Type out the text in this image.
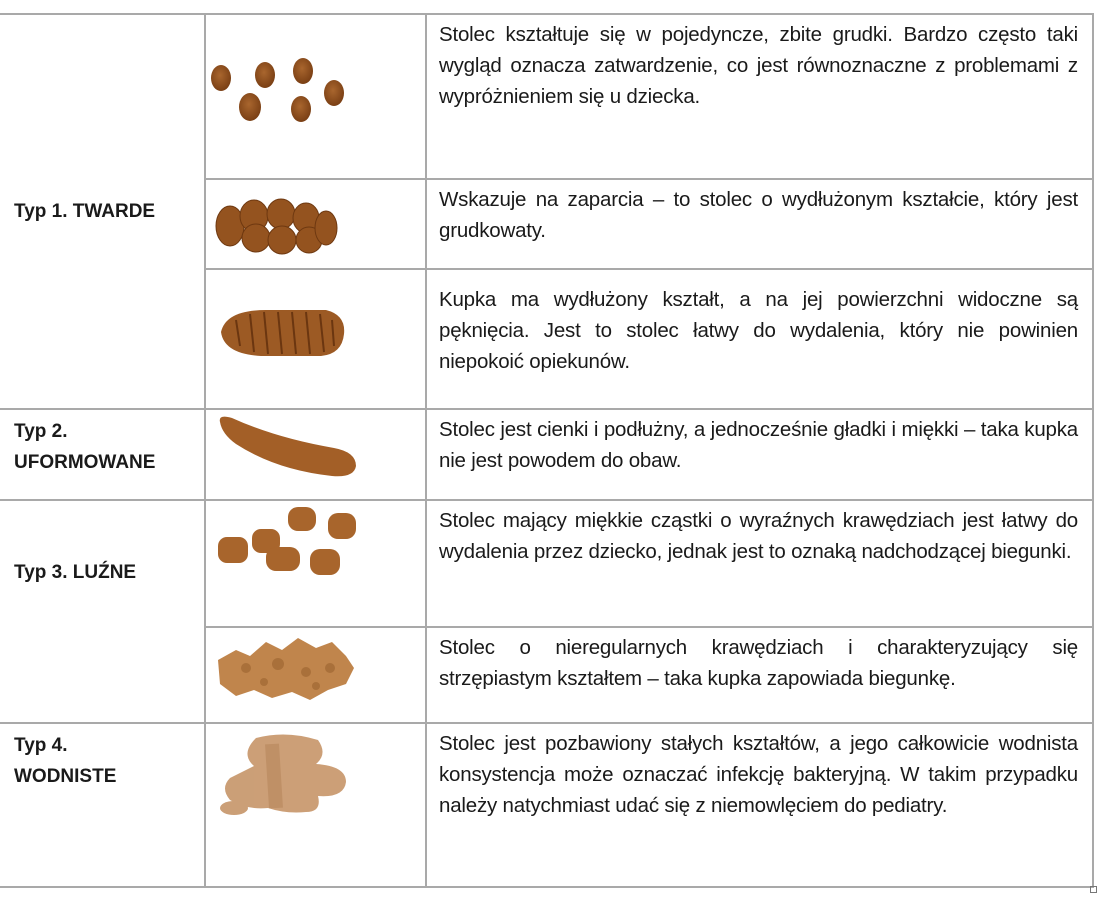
Typ 1. TWARDE		Stolec kształtuje się w pojedyncze, zbite grudki. Bardzo często taki wygląd oznacza zatwardzenie, co jest równoznaczne z problemami z wypróżnieniem się u dziecka.

Wskazuje na zaparcia – to stolec o wydłużonym kształcie, który jest grudkowaty.

Kupka ma wydłużony kształt, a na jej powierzchni widoczne są pęknięcia. Jest to stolec łatwy do wydalenia, który nie powinien niepokoić opiekunów.

Typ 2.
UFORMOWANE		Stolec jest cienki i podłużny, a jednocześnie gładki i miękki – taka kupka nie jest powodem do obaw.

Typ 3. LUŹNE		Stolec mający miękkie cząstki o wyraźnych krawędziach jest łatwy do wydalenia przez dziecko, jednak jest to oznaką nadchodzącej biegunki.

Stolec o nieregularnych krawędziach i charakteryzujący się strzępiastym kształtem – taka kupka zapowiada biegunkę.

Typ 4.
WODNISTE		Stolec jest pozbawiony stałych kształtów, a jego całkowicie wodnista konsystencja może oznaczać infekcję bakteryjną. W takim przypadku należy natychmiast udać się z niemowlęciem do pediatry.
